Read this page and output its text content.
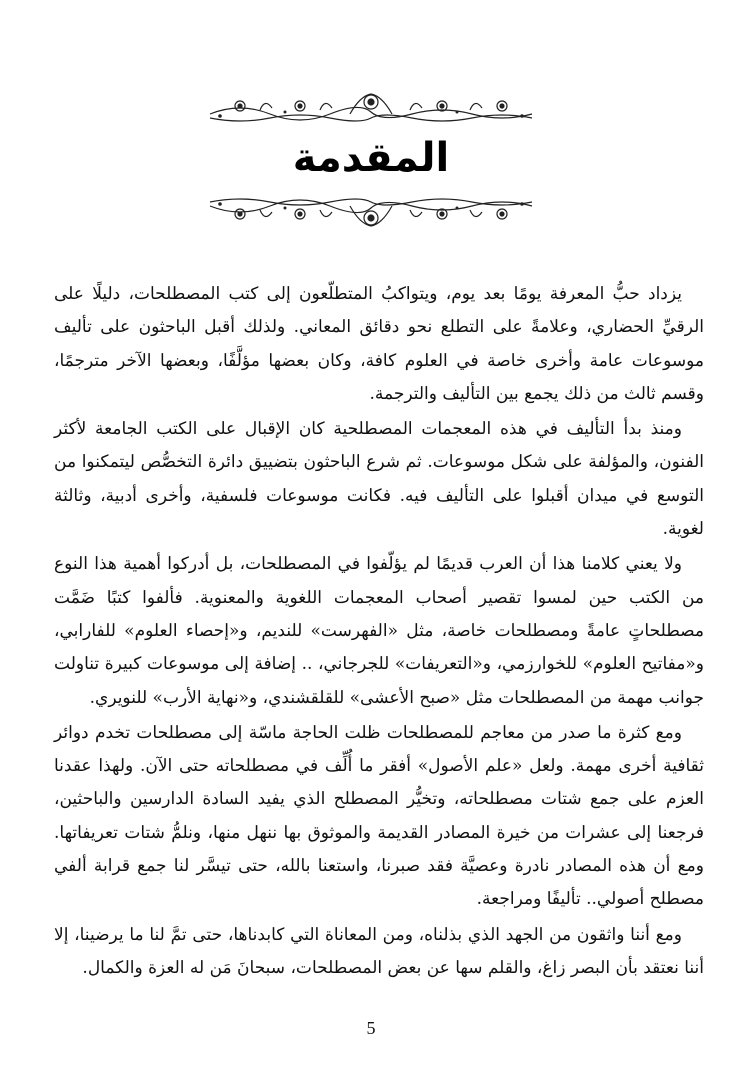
المقدمة

يزداد حبُّ المعرفة يومًا بعد يوم، ويتواكبُ المتطلّعون إلى كتب المصطلحات، دليلًا على الرقيِّ الحضاري، وعلامةً على التطلع نحو دقائق المعاني. ولذلك أقبل الباحثون على تأليف موسوعات عامة وأخرى خاصة في العلوم كافة، وكان بعضها مؤلَّفًا، وبعضها الآخر مترجمًا، وقسم ثالث من ذلك يجمع بين التأليف والترجمة.

ومنذ بدأ التأليف في هذه المعجمات المصطلحية كان الإقبال على الكتب الجامعة لأكثر الفنون، والمؤلفة على شكل موسوعات. ثم شرع الباحثون بتضييق دائرة التخصُّص ليتمكنوا من التوسع في ميدان أقبلوا على التأليف فيه. فكانت موسوعات فلسفية، وأخرى أدبية، وثالثة لغوية.

ولا يعني كلامنا هذا أن العرب قديمًا لم يؤلّفوا في المصطلحات، بل أدركوا أهمية هذا النوع من الكتب حين لمسوا تقصير أصحاب المعجمات اللغوية والمعنوية. فألفوا كتبًا ضَمَّت مصطلحاتٍ عامةً ومصطلحات خاصة، مثل «الفهرست» للنديم، و«إحصاء العلوم» للفارابي، و«مفاتيح العلوم» للخوارزمي، و«التعريفات» للجرجاني، .. إضافة إلى موسوعات كبيرة تناولت جوانب مهمة من المصطلحات مثل «صبح الأعشى» للقلقشندي، و«نهاية الأرب» للنويري.

ومع كثرة ما صدر من معاجم للمصطلحات ظلت الحاجة ماسّة إلى مصطلحات تخدم دوائر ثقافية أخرى مهمة. ولعل «علم الأصول» أفقر ما أُلِّف في مصطلحاته حتى الآن. ولهذا عقدنا العزم على جمع شتات مصطلحاته، وتخيُّر المصطلح الذي يفيد السادة الدارسين والباحثين، فرجعنا إلى عشرات من خيرة المصادر القديمة والموثوق بها ننهل منها، ونلمُّ شتات تعريفاتها. ومع أن هذه المصادر نادرة وعصيَّة فقد صبرنا، واستعنا بالله، حتى تيسَّر لنا جمع قرابة ألفي مصطلح أصولي.. تأليفًا ومراجعة.

ومع أننا واثقون من الجهد الذي بذلناه، ومن المعاناة التي كابدناها، حتى تمَّ لنا ما يرضينا، إلا أننا نعتقد بأن البصر زاغ، والقلم سها عن بعض المصطلحات، سبحانَ مَن له العزة والكمال.

5
